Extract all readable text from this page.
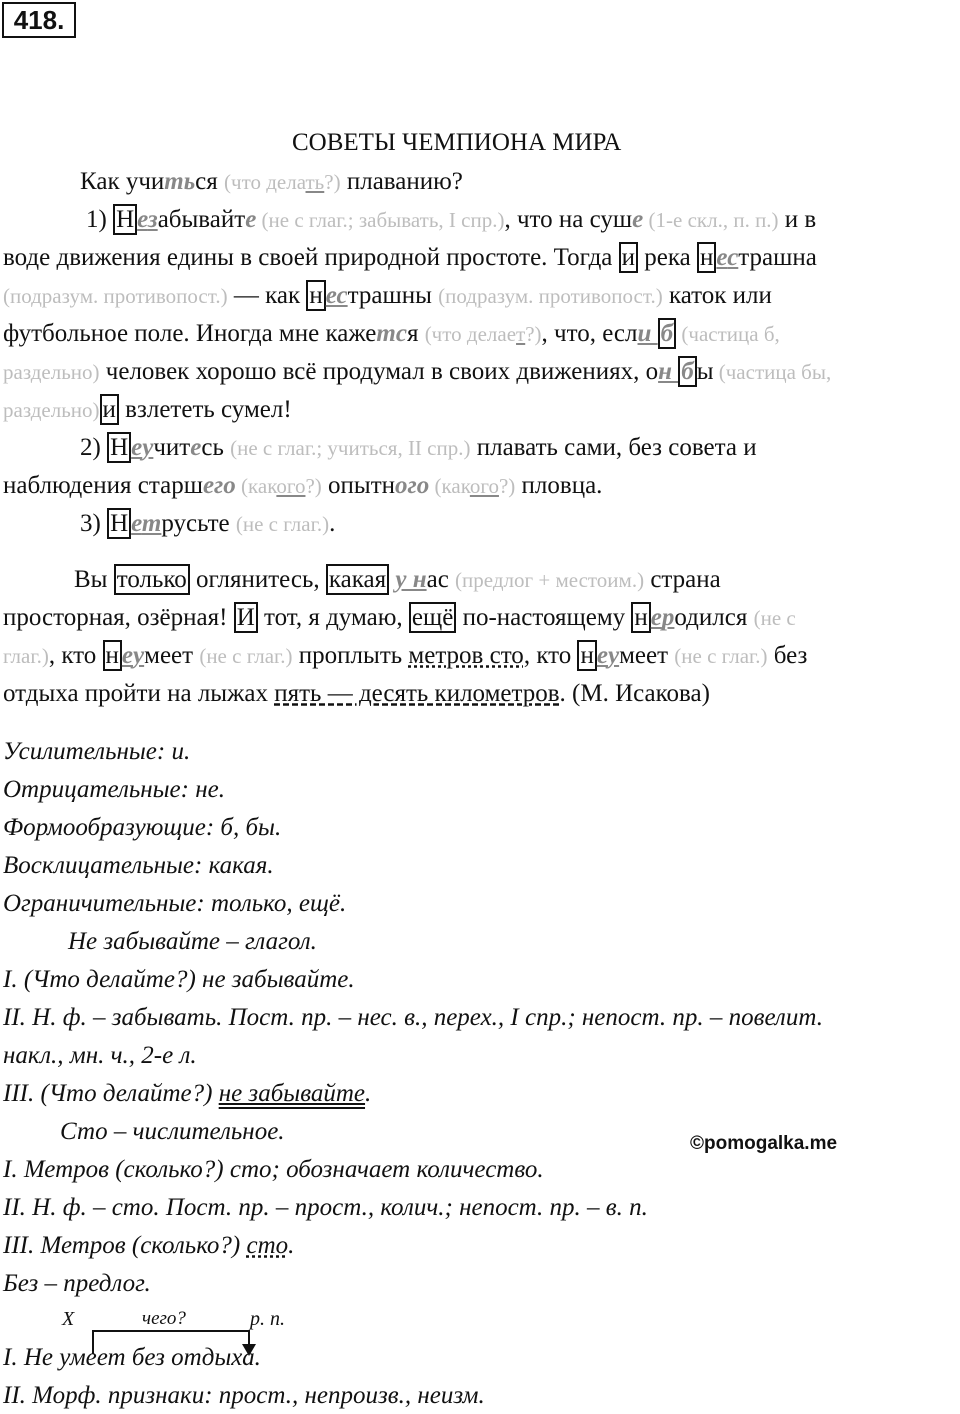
418.
СОВЕТЫ ЧЕМПИОНА МИРА
Как учиться (что делать?) плаванию?
1) Н езабывайте (не с глаг.; забывать, I спр.), что на суше (1-е скл., п. п.) и в
воде движения едины в своей природной простоте. Тогда и река н естрашна
(подразум. противопост.) — как н естрашны (подразум. противопост.) каток или
футбольное поле. Иногда мне кажется (что делает?), что, если б (частица б,
раздельно) человек хорошо всё продумал в своих движениях, он б ы (частица бы,
раздельно) и взлететь сумел!
2) Н еучитесь (не с глаг.; учиться, II спр.) плавать сами, без совета и
наблюдения старшего (какого?) опытного (какого?) пловца.
3) Н етрусьте (не с глаг.).
Вы только оглянитесь, какая у нас (предлог + местоим.) страна
просторная, озёрная! И тот, я думаю, ещё по-настоящему н еродился (не с
глаг.), кто н еумеет (не с глаг.) проплыть метров сто, кто н еумеет (не с глаг.) без
отдыха пройти на лыжах пять — десять километров. (М. Исакова)
Усилительные: и.
Отрицательные: не.
Формообразующие: б, бы.
Восклицательные: какая.
Ограничительные: только, ещё.
Не забывайте – глагол.
I. (Что делайте?) не забывайте.
II. Н. ф. – забывать. Пост. пр. – нес. в., перех., I спр.; непост. пр. – повелит.
накл., мн. ч., 2-е л.
III. (Что делайте?) не забывайте.
Сто – числительное.
I. Метров (сколько?) сто; обозначает количество.
II. Н. ф. – сто. Пост. пр. – прост., колич.; непост. пр. – в. п.
III. Метров (сколько?) сто.
Без – предлог.
X	чего?	р. п.
I. Не умеет без отдыха.
II. Морф. признаки: прост., непроизв., неизм.
©pomogalka.me
